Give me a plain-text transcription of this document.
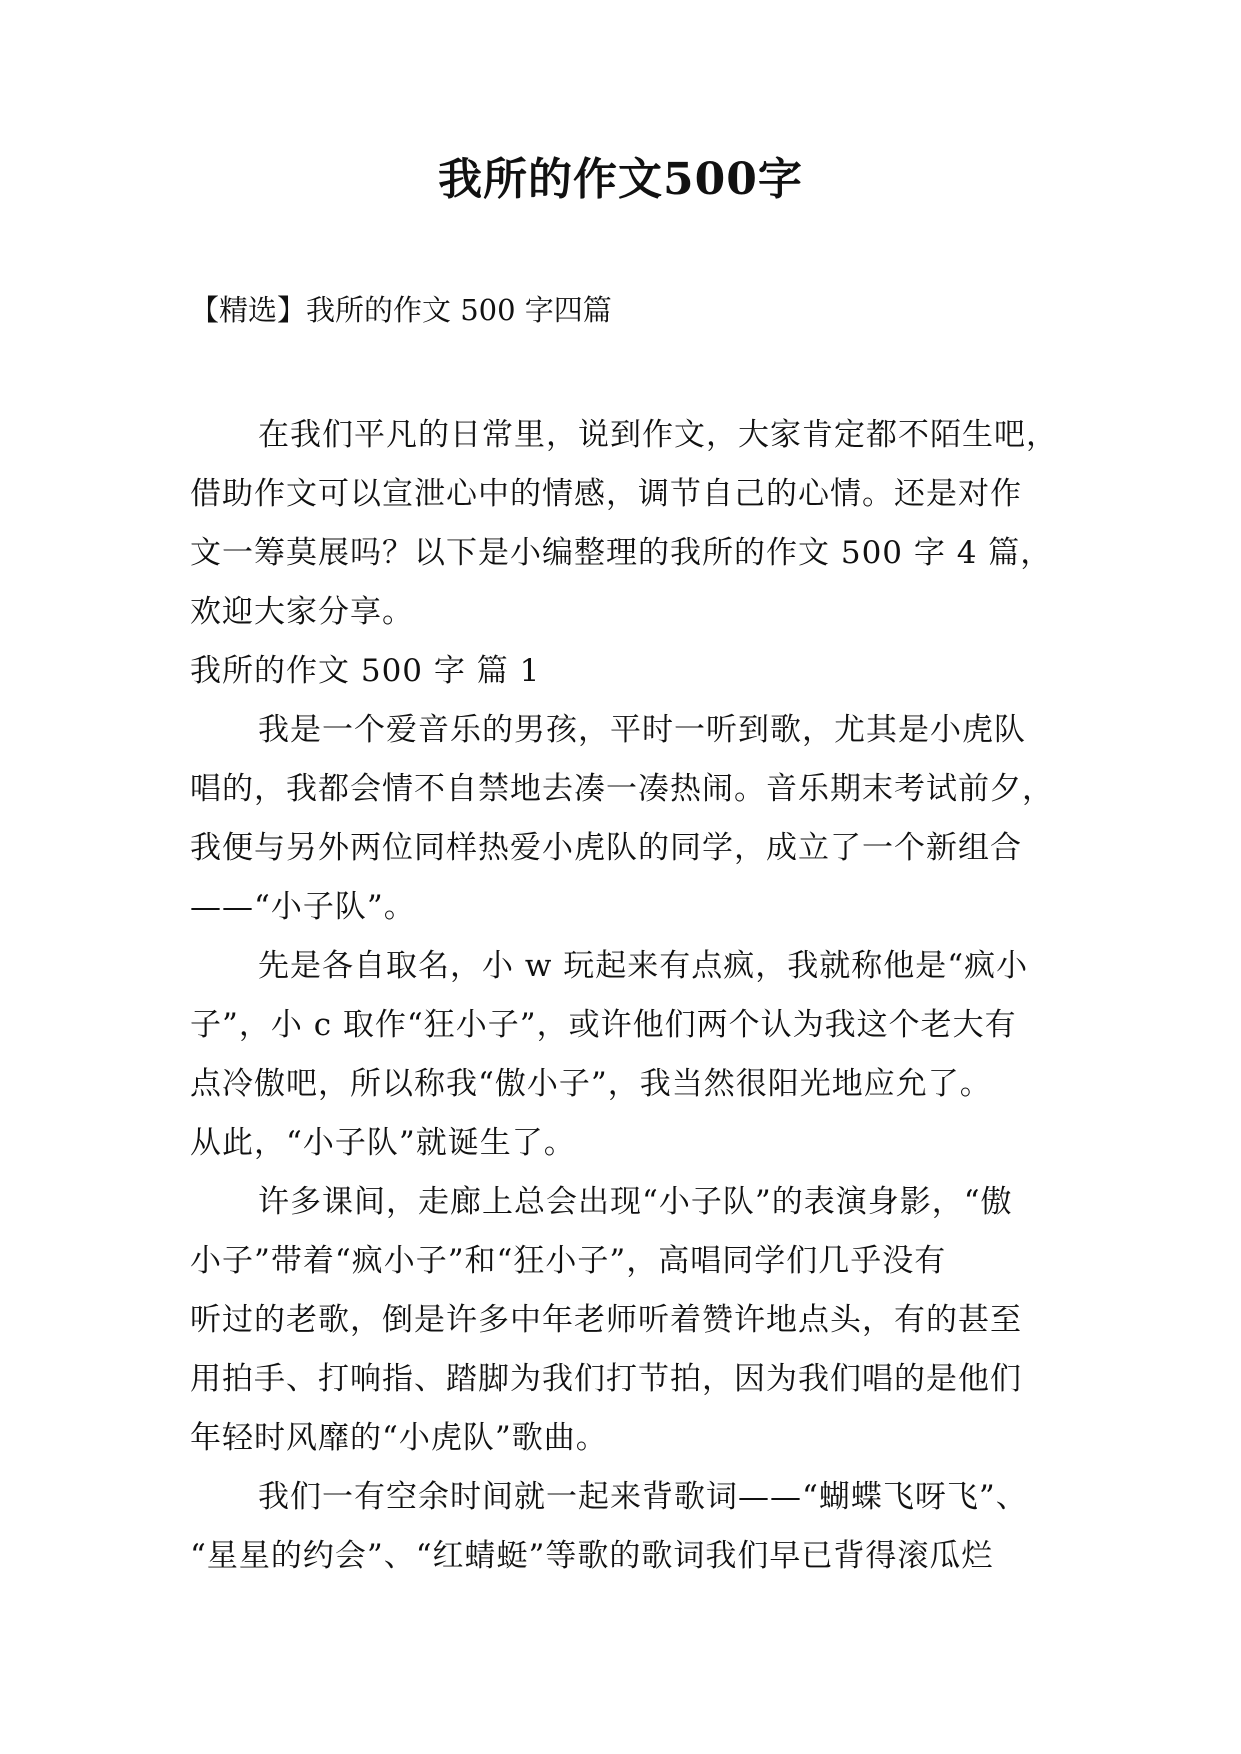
我所的作文500字
【精选】我所的作文 500 字四篇
在我们平凡的日常里，说到作文，大家肯定都不陌生吧，
借助作文可以宣泄心中的情感，调节自己的心情。还是对作
文一筹莫展吗？以下是小编整理的我所的作文 500 字 4 篇，
欢迎大家分享。
我所的作文 500 字 篇 1
我是一个爱音乐的男孩，平时一听到歌，尤其是小虎队
唱的，我都会情不自禁地去凑一凑热闹。音乐期末考试前夕，
我便与另外两位同样热爱小虎队的同学，成立了一个新组合
——“小子队”。
先是各自取名，小 w 玩起来有点疯，我就称他是“疯小
子”，小 c 取作“狂小子”，或许他们两个认为我这个老大有
点冷傲吧，所以称我“傲小子”，我当然很阳光地应允了。
从此，“小子队”就诞生了。
许多课间，走廊上总会出现“小子队”的表演身影，“傲
小子”带着“疯小子”和“狂小子”，高唱同学们几乎没有
听过的老歌，倒是许多中年老师听着赞许地点头，有的甚至
用拍手、打响指、踏脚为我们打节拍，因为我们唱的是他们
年轻时风靡的“小虎队”歌曲。
我们一有空余时间就一起来背歌词——“蝴蝶飞呀飞”、
“星星的约会”、“红蜻蜓”等歌的歌词我们早已背得滚瓜烂
